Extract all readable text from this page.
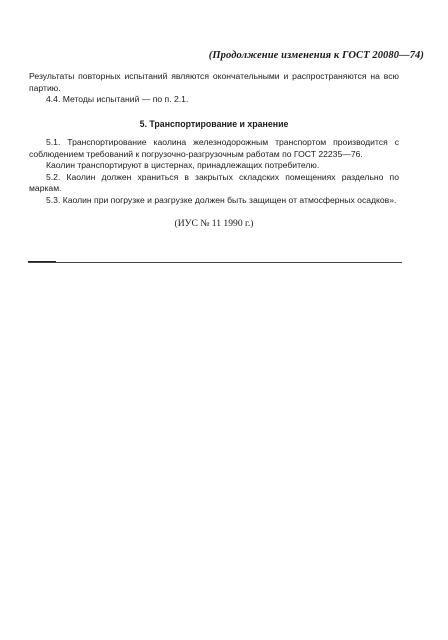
(Продолжение изменения к ГОСТ 20080—74)

Результаты повторных испытаний являются окончательными и распространяются на всю партию.

4.4. Методы испытаний — по п. 2.1.

5. Транспортирование и хранение

5.1. Транспортирование каолина железнодорожным транспортом производится с соблюдением требований к погрузочно-разгрузочным работам по ГОСТ 22235—76.

Каолин транспортируют в цистернах, принадлежащих потребителю.

5.2. Каолин должен храниться в закрытых складских помещениях раздельно по маркам.

5.3. Каолин при погрузке и разгрузке должен быть защищен от атмосферных осадков».

(ИУС № 11 1990 г.)
